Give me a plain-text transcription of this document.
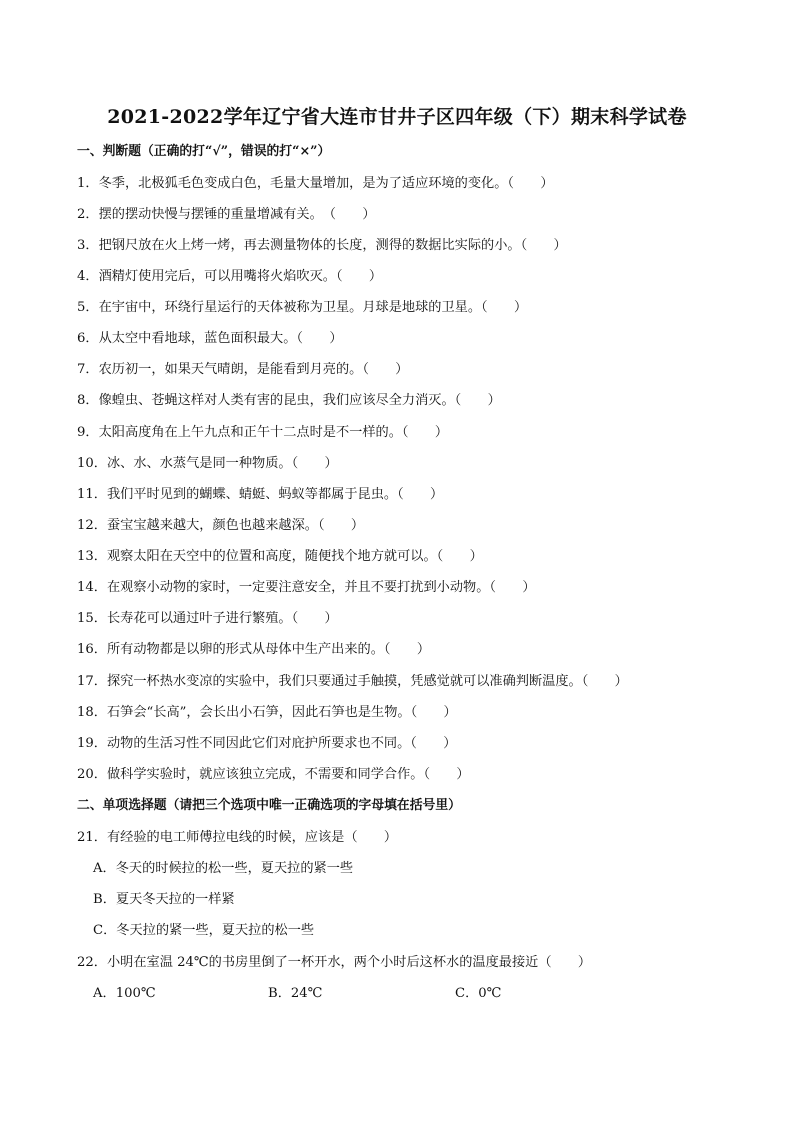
2021-2022学年辽宁省大连市甘井子区四年级（下）期末科学试卷
一、判断题（正确的打“√”，错误的打“×”）
1．冬季，北极狐毛色变成白色，毛量大量增加，是为了适应环境的变化。（　　）
2．摆的摆动快慢与摆锤的重量增减有关。　（　　）
3．把钢尺放在火上烤一烤，再去测量物体的长度，测得的数据比实际的小。（　　）
4．酒精灯使用完后，可以用嘴将火焰吹灭。（　　）
5．在宇宙中，环绕行星运行的天体被称为卫星。月球是地球的卫星。（　　）
6．从太空中看地球，蓝色面积最大。（　　）
7．农历初一，如果天气晴朗，是能看到月亮的。（　　）
8．像蝗虫、苍蝇这样对人类有害的昆虫，我们应该尽全力消灭。（　　）
9．太阳高度角在上午九点和正午十二点时是不一样的。（　　）
10．冰、水、水蒸气是同一种物质。（　　）
11．我们平时见到的蝴蝶、蜻蜓、蚂蚁等都属于昆虫。（　　）
12．蚕宝宝越来越大，颜色也越来越深。（　　）
13．观察太阳在天空中的位置和高度，随便找个地方就可以。（　　）
14．在观察小动物的家时，一定要注意安全，并且不要打扰到小动物。（　　）
15．长寿花可以通过叶子进行繁殖。（　　）
16．所有动物都是以卵的形式从母体中生产出来的。（　　）
17．探究一杯热水变凉的实验中，我们只要通过手触摸，凭感觉就可以准确判断温度。（　　）
18．石笋会“长高”，会长出小石笋，因此石笋也是生物。（　　）
19．动物的生活习性不同因此它们对庇护所要求也不同。（　　）
20．做科学实验时，就应该独立完成，不需要和同学合作。（　　）
二、单项选择题（请把三个选项中唯一正确选项的字母填在括号里）
21．有经验的电工师傅拉电线的时候，应该是（　　）
A．冬天的时候拉的松一些，夏天拉的紧一些
B．夏天冬天拉的一样紧
C．冬天拉的紧一些，夏天拉的松一些
22．小明在室温 24℃的书房里倒了一杯开水，两个小时后这杯水的温度最接近（　　）
A．100℃	B．24℃	C．0℃
